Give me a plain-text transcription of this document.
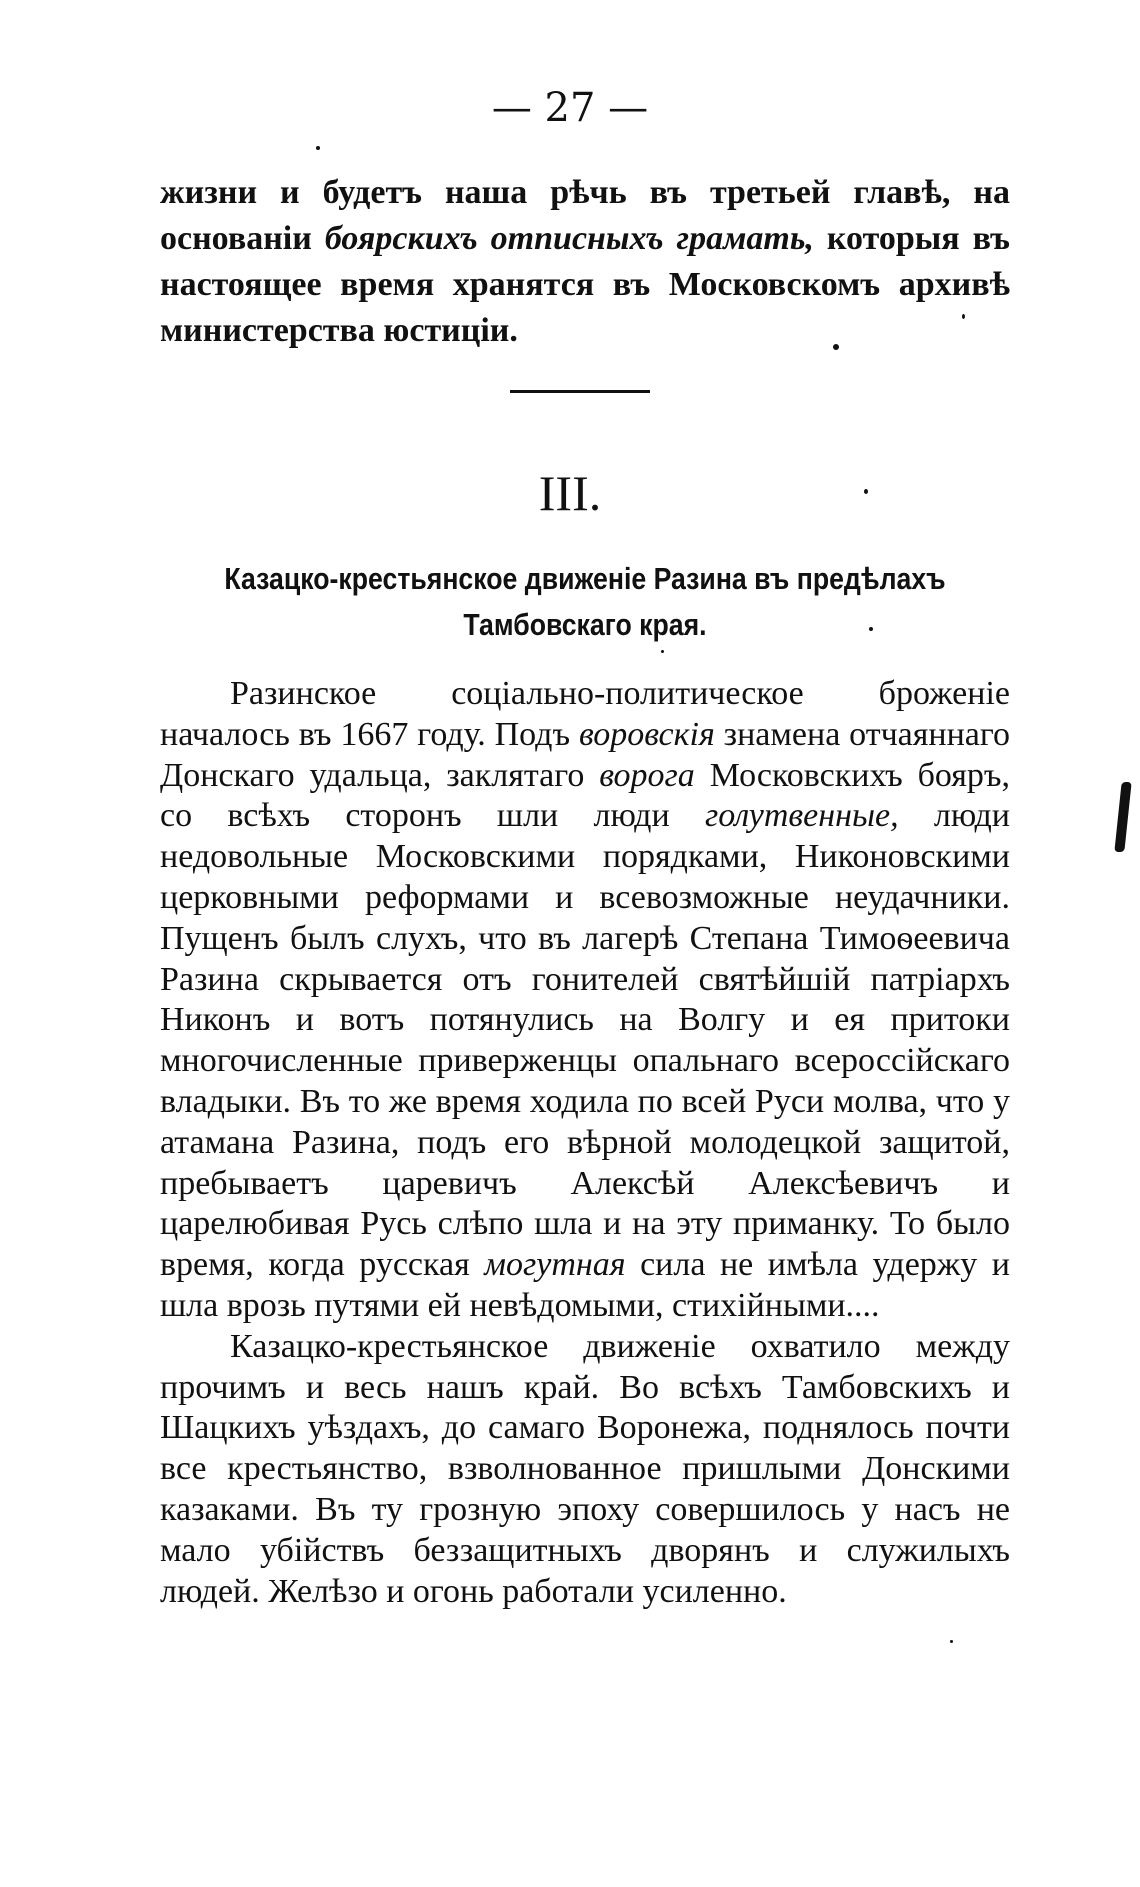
— 27 —

жизни и будетъ наша рѣчь въ третьей главѣ, на основаніи боярскихъ отписныхъ грамать, которыя въ настоящее время хранятся въ Московскомъ архивѣ министерства юстиціи.

III.
Казацко-крестьянское движеніе Разина въ предѣлахъ Тамбовскаго края.

Разинское соціально-политическое броженіе началось въ 1667 году. Подъ воровскія знамена отчаяннаго Донскаго удальца, заклятаго ворога Московскихъ бояръ, со всѣхъ сторонъ шли люди голутвенные, люди недовольные Московскими порядками, Никоновскими церковными реформами и всевозможные неудачники. Пущенъ былъ слухъ, что въ лагерѣ Степана Тимоѳеевича Разина скрывается отъ гонителей святѣйшій патріархъ Никонъ и вотъ потянулись на Волгу и ея притоки многочисленные приверженцы опальнаго всероссійскаго владыки. Въ то же время ходила по всей Руси молва, что у атамана Разина, подъ его вѣрной молодецкой защитой, пребываетъ царевичъ Алексѣй Алексѣевичъ и царелюбивая Русь слѣпо шла и на эту приманку. То было время, когда русская могутная сила не имѣла удержу и шла врозь путями ей невѣдомыми, стихійными....

Казацко-крестьянское движеніе охватило между прочимъ и весь нашъ край. Во всѣхъ Тамбовскихъ и Шацкихъ уѣздахъ, до самаго Воронежа, поднялось почти все крестьянство, взволнованное пришлыми Донскими казаками. Въ ту грозную эпоху совершилось у насъ не мало убійствъ беззащитныхъ дворянъ и служилыхъ людей. Желѣзо и огонь работали усиленно.
